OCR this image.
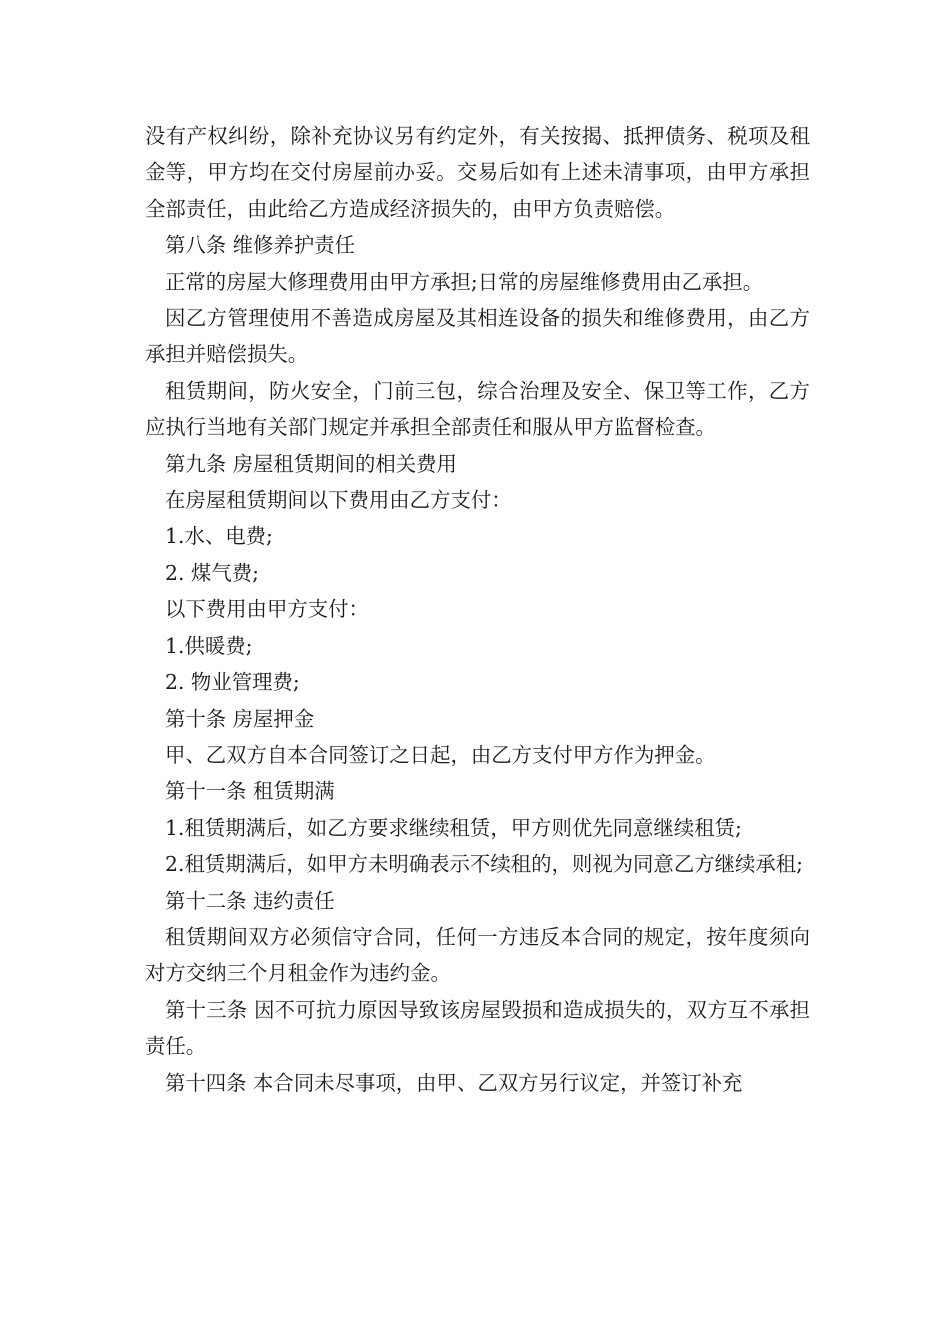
没有产权纠纷，除补充协议另有约定外，有关按揭、抵押债务、税项及租金等，甲方均在交付房屋前办妥。交易后如有上述未清事项，由甲方承担全部责任，由此给乙方造成经济损失的，由甲方负责赔偿。

第八条 维修养护责任

正常的房屋大修理费用由甲方承担;日常的房屋维修费用由乙承担。

因乙方管理使用不善造成房屋及其相连设备的损失和维修费用，由乙方承担并赔偿损失。

租赁期间，防火安全，门前三包，综合治理及安全、保卫等工作，乙方应执行当地有关部门规定并承担全部责任和服从甲方监督检查。

第九条 房屋租赁期间的相关费用

在房屋租赁期间以下费用由乙方支付：

1.水、电费;

2. 煤气费;

以下费用由甲方支付：

1.供暖费;

2. 物业管理费;

第十条 房屋押金

甲、乙双方自本合同签订之日起，由乙方支付甲方作为押金。

第十一条 租赁期满

1.租赁期满后，如乙方要求继续租赁，甲方则优先同意继续租赁;

2.租赁期满后，如甲方未明确表示不续租的，则视为同意乙方继续承租;

第十二条 违约责任

租赁期间双方必须信守合同，任何一方违反本合同的规定，按年度须向对方交纳三个月租金作为违约金。

第十三条 因不可抗力原因导致该房屋毁损和造成损失的，双方互不承担责任。

第十四条 本合同未尽事项，由甲、乙双方另行议定，并签订补充
